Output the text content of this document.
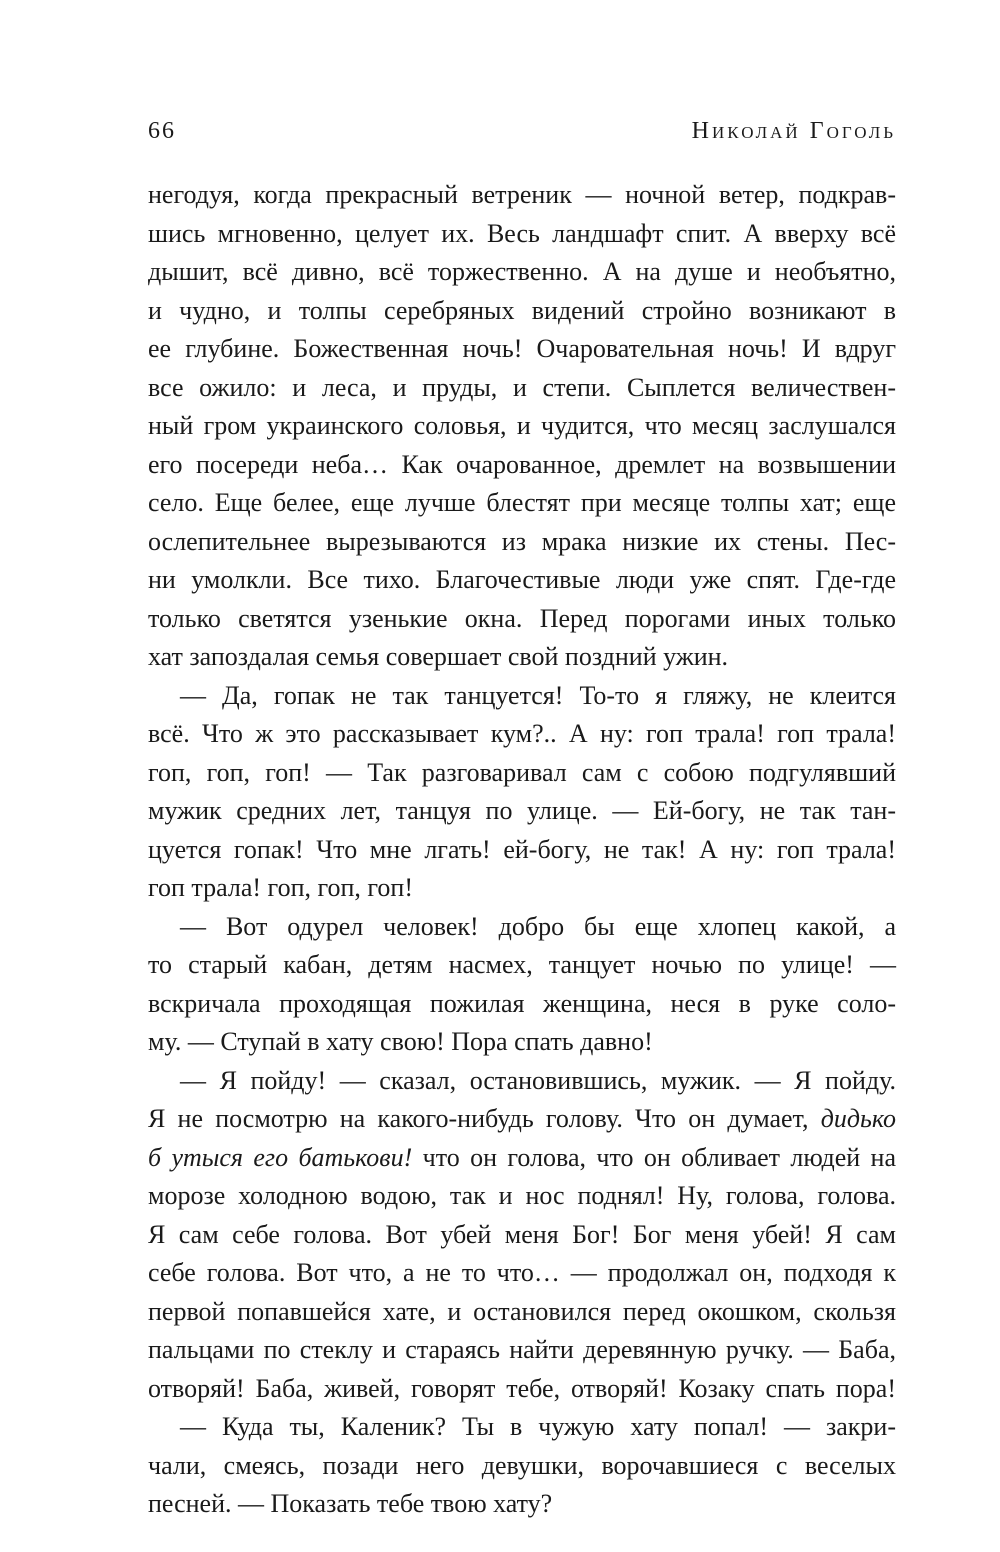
66	Николай Гоголь
негодуя, когда прекрасный ветреник — ночной ветер, подкрав-
шись мгновенно, целует их. Весь ландшафт спит. А вверху всё
дышит, всё дивно, всё торжественно. А на душе и необъятно,
и чудно, и толпы серебряных видений стройно возникают в
ее глубине. Божественная ночь! Очаровательная ночь! И вдруг
все ожило: и леса, и пруды, и степи. Сыплется величествен-
ный гром украинского соловья, и чудится, что месяц заслушался
его посереди неба… Как очарованное, дремлет на возвышении
село. Еще белее, еще лучше блестят при месяце толпы хат; еще
ослепительнее вырезываются из мрака низкие их стены. Пес-
ни умолкли. Все тихо. Благочестивые люди уже спят. Где-где
только светятся узенькие окна. Перед порогами иных только
хат запоздалая семья совершает свой поздний ужин.
— Да, гопак не так танцуется! То-то я гляжу, не клеится
всё. Что ж это рассказывает кум?.. А ну: гоп трала! гоп трала!
гоп, гоп, гоп! — Так разговаривал сам с собою подгулявший
мужик средних лет, танцуя по улице. — Ей-богу, не так тан-
цуется гопак! Что мне лгать! ей-богу, не так! А ну: гоп трала!
гоп трала! гоп, гоп, гоп!
— Вот одурел человек! добро бы еще хлопец какой, а
то старый кабан, детям насмех, танцует ночью по улице! —
вскричала проходящая пожилая женщина, неся в руке соло-
му. — Ступай в хату свою! Пора спать давно!
— Я пойду! — сказал, остановившись, мужик. — Я пойду.
Я не посмотрю на какого-нибудь голову. Что он думает, дидько
б утыся его батькови! что он голова, что он обливает людей на
морозе холодною водою, так и нос поднял! Ну, голова, голова.
Я сам себе голова. Вот убей меня Бог! Бог меня убей! Я сам
себе голова. Вот что, а не то что… — продолжал он, подходя к
первой попавшейся хате, и остановился перед окошком, скользя
пальцами по стеклу и стараясь найти деревянную ручку. — Баба,
отворяй! Баба, живей, говорят тебе, отворяй! Козаку спать пора!
— Куда ты, Каленик? Ты в чужую хату попал! — закри-
чали, смеясь, позади него девушки, ворочавшиеся с веселых
песней. — Показать тебе твою хату?
